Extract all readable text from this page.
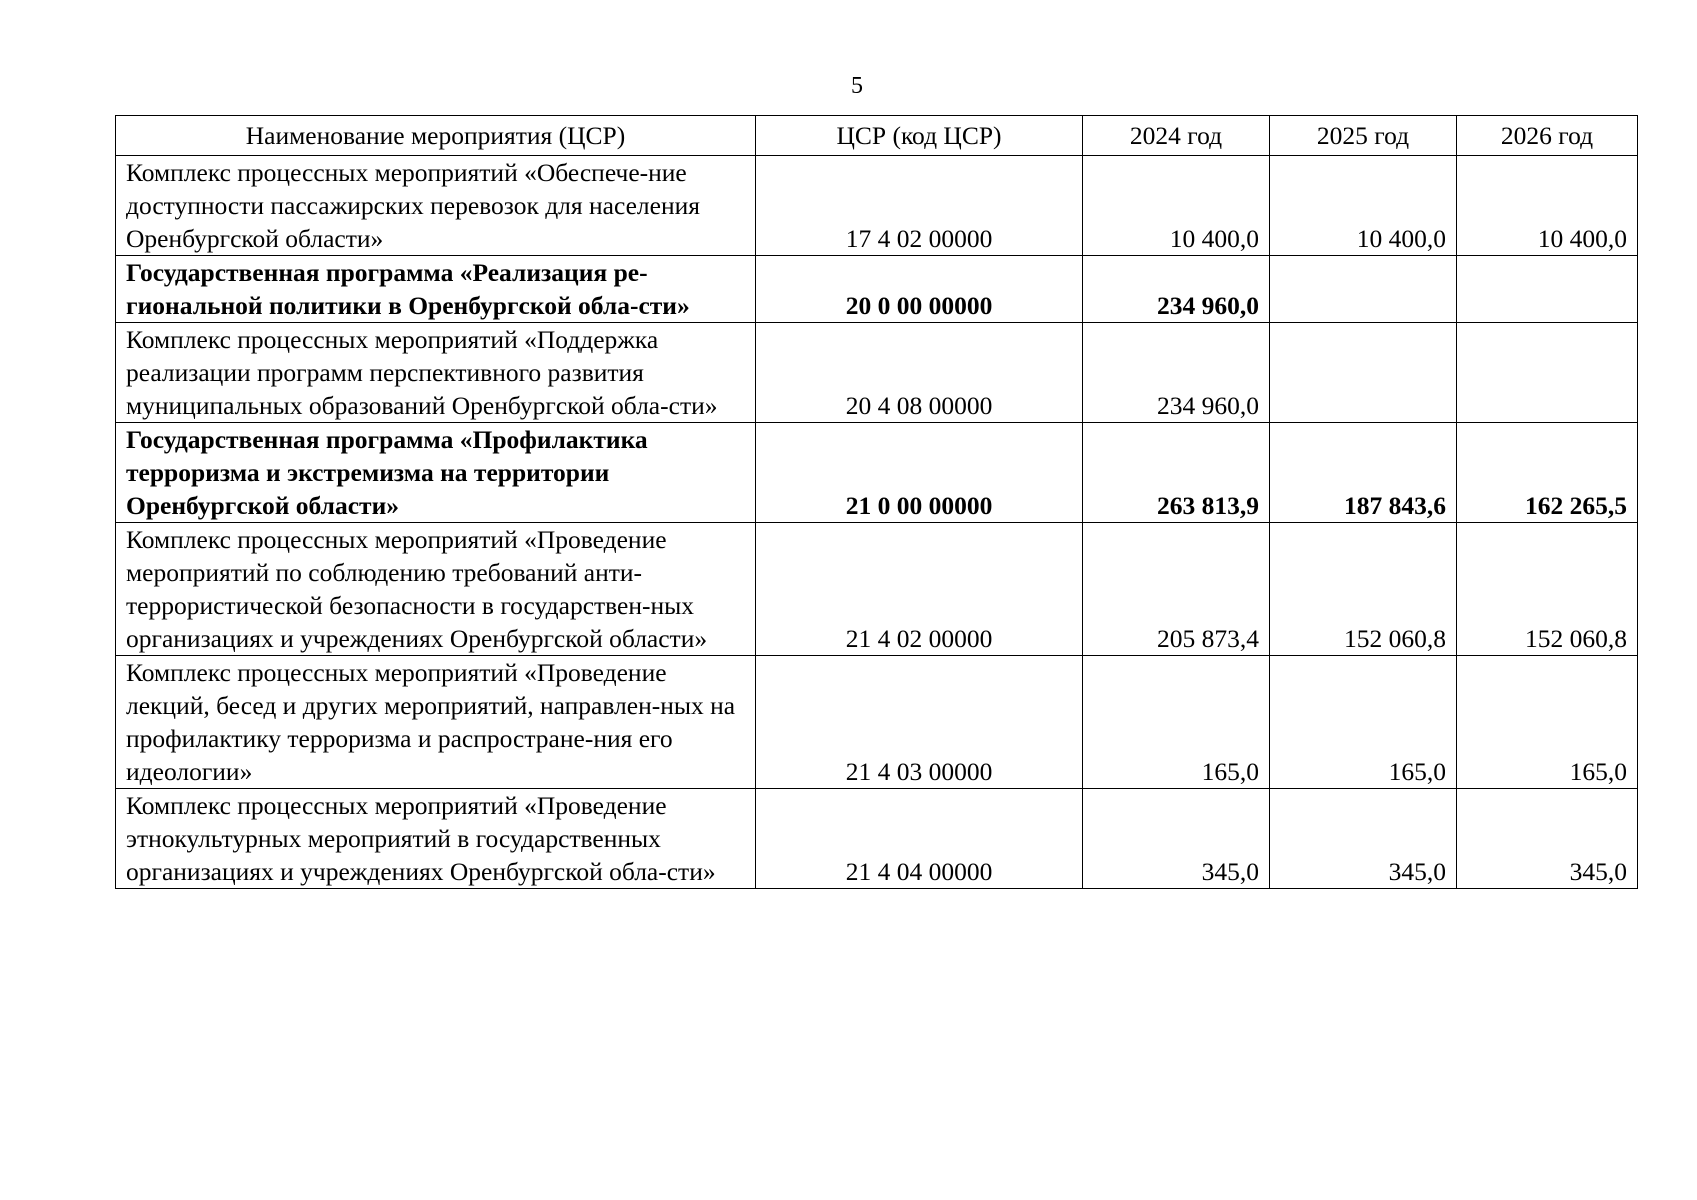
5
Наименование мероприятия (ЦСР)	ЦСР (код ЦСР)	2024 год	2025 год	2026 год
Комплекс процессных мероприятий «Обеспече-ние доступности пассажирских перевозок для населения Оренбургской области»	17 4 02 00000	10 400,0	10 400,0	10 400,0
Государственная программа «Реализация ре-гиональной политики в Оренбургской обла-сти»	20 0 00 00000	234 960,0		
Комплекс процессных мероприятий «Поддержка реализации программ перспективного развития муниципальных образований Оренбургской обла-сти»	20 4 08 00000	234 960,0		
Государственная программа «Профилактика терроризма и экстремизма на территории Оренбургской области»	21 0 00 00000	263 813,9	187 843,6	162 265,5
Комплекс процессных мероприятий «Проведение мероприятий по соблюдению требований анти-террористической безопасности в государствен-ных организациях и учреждениях Оренбургской области»	21 4 02 00000	205 873,4	152 060,8	152 060,8
Комплекс процессных мероприятий «Проведение лекций, бесед и других мероприятий, направлен-ных на профилактику терроризма и распростране-ния его идеологии»	21 4 03 00000	165,0	165,0	165,0
Комплекс процессных мероприятий «Проведение этнокультурных мероприятий в государственных организациях и учреждениях Оренбургской обла-сти»	21 4 04 00000	345,0	345,0	345,0
